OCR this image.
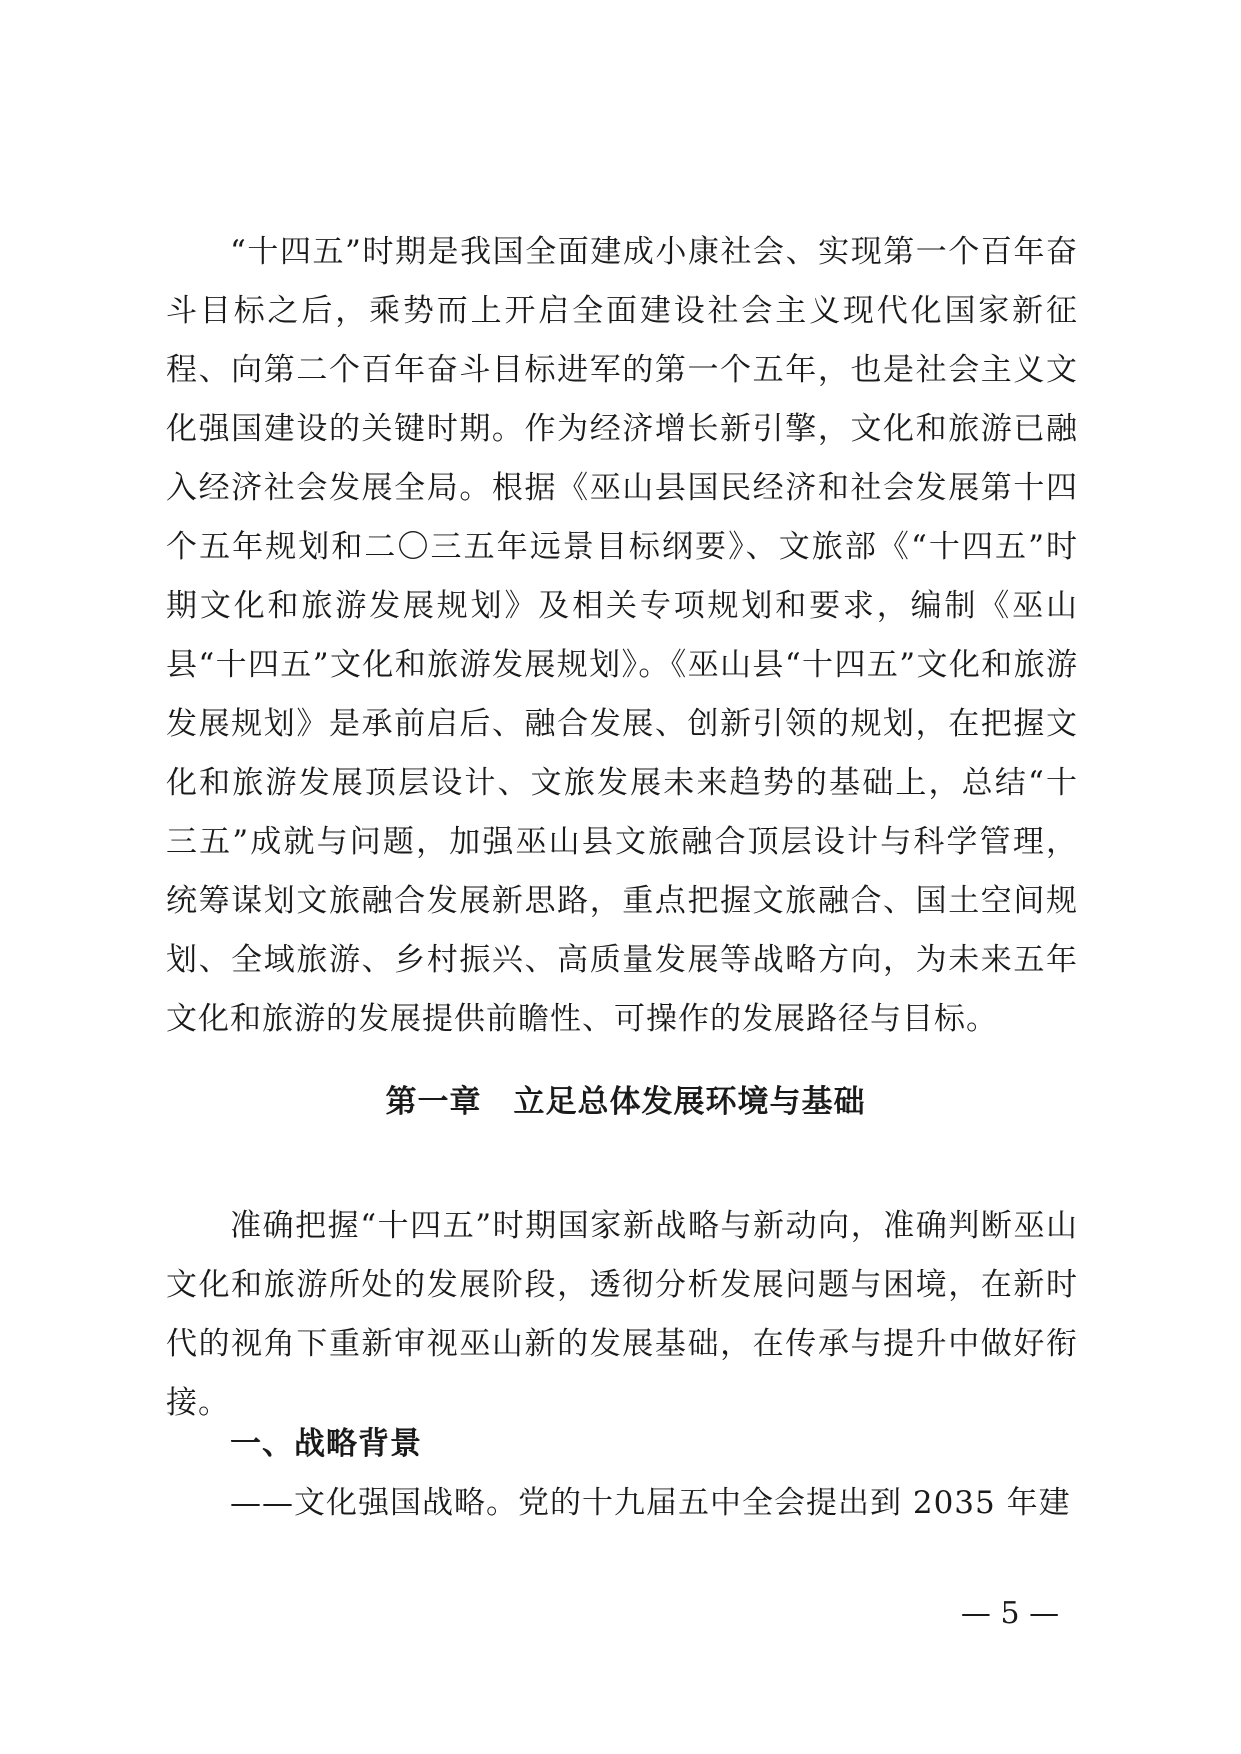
“十四五”时期是我国全面建成小康社会、实现第一个百年奋斗目标之后，乘势而上开启全面建设社会主义现代化国家新征程、向第二个百年奋斗目标进军的第一个五年，也是社会主义文化强国建设的关键时期。作为经济增长新引擎，文化和旅游已融入经济社会发展全局。根据《巫山县国民经济和社会发展第十四个五年规划和二〇三五年远景目标纲要》、文旅部《“十四五”时期文化和旅游发展规划》及相关专项规划和要求，编制《巫山县“十四五”文化和旅游发展规划》。《巫山县“十四五”文化和旅游发展规划》是承前启后、融合发展、创新引领的规划，在把握文化和旅游发展顶层设计、文旅发展未来趋势的基础上，总结“十三五”成就与问题，加强巫山县文旅融合顶层设计与科学管理，统筹谋划文旅融合发展新思路，重点把握文旅融合、国土空间规划、全域旅游、乡村振兴、高质量发展等战略方向，为未来五年文化和旅游的发展提供前瞻性、可操作的发展路径与目标。

第一章　立足总体发展环境与基础

准确把握“十四五”时期国家新战略与新动向，准确判断巫山文化和旅游所处的发展阶段，透彻分析发展问题与困境，在新时代的视角下重新审视巫山新的发展基础，在传承与提升中做好衔接。

一、战略背景

——文化强国战略。党的十九届五中全会提出到 2035 年建

— 5 —
